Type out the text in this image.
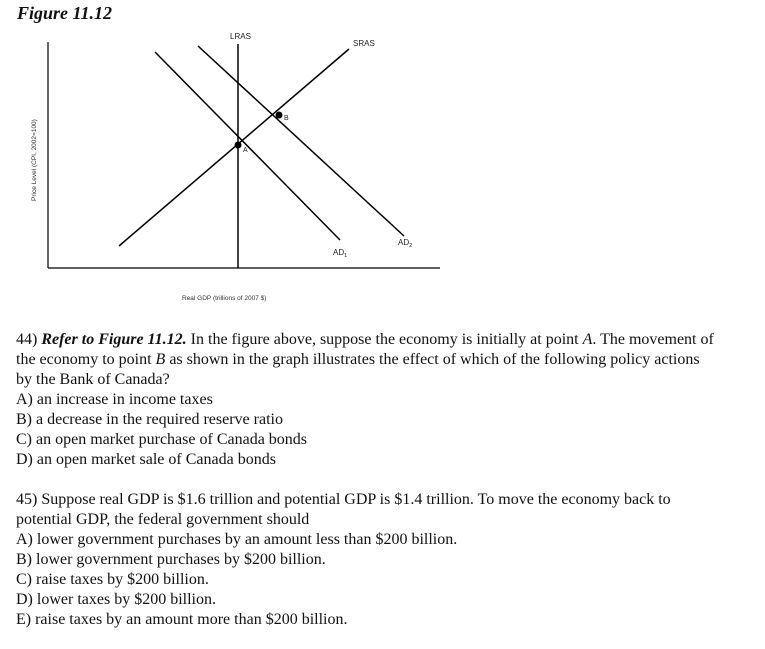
Figure 11.12
LRAS
SRAS
$AD_1$
$AD_2$
A
B
Price Level (CPI, 2002=100)
Real GDP (trillions of 2007 $)

44) Refer to Figure 11.12. In the figure above, suppose the economy is initially at point A. The movement of the economy to point B as shown in the graph illustrates the effect of which of the following policy actions by the Bank of Canada?

A) an increase in income taxes

B) a decrease in the required reserve ratio

C) an open market purchase of Canada bonds

D) an open market sale of Canada bonds

45) Suppose real GDP is $1.6 trillion and potential GDP is $1.4 trillion. To move the economy back to potential GDP, the federal government should

A) lower government purchases by an amount less than $200 billion.

B) lower government purchases by $200 billion.

C) raise taxes by $200 billion.

D) lower taxes by $200 billion.

E) raise taxes by an amount more than $200 billion.
